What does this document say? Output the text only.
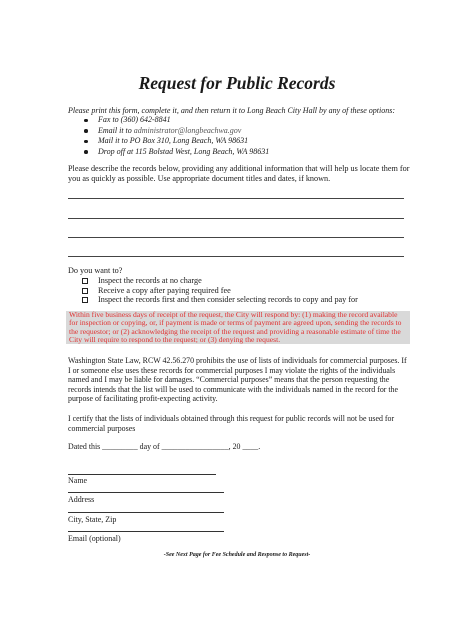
Request for Public Records
Please print this form, complete it, and then return it to Long Beach City Hall by any of these options:
Fax to (360) 642-8841
Email it to administrator@longbeachwa.gov
Mail it to PO Box 310, Long Beach, WA 98631
Drop off at 115 Bolstad West, Long Beach, WA 98631
Please describe the records below, providing any additional information that will help us locate them for you as quickly as possible. Use appropriate document titles and dates, if known.
Do you want to?
Inspect the records at no charge
Receive a copy after paying required fee
Inspect the records first and then consider selecting records to copy and pay for
Within five business days of receipt of the request, the City will respond by: (1) making the record available for inspection or copying, or, if payment is made or terms of payment are agreed upon, sending the records to the requestor; or (2) acknowledging the receipt of the request and providing a reasonable estimate of time the City will require to respond to the request; or (3) denying the request.
Washington State Law, RCW 42.56.270 prohibits the use of lists of individuals for commercial purposes. If I or someone else uses these records for commercial purposes I may violate the rights of the individuals named and I may be liable for damages. “Commercial purposes” means that the person requesting the records intends that the list will be used to communicate with the individuals named in the record for the purpose of facilitating profit-expecting activity.
I certify that the lists of individuals obtained through this request for public records will not be used for commercial purposes
Dated this _________ day of _________________, 20 ____.
Name
Address
City, State, Zip
Email (optional)
-See Next Page for Fee Schedule and Response to Request-
